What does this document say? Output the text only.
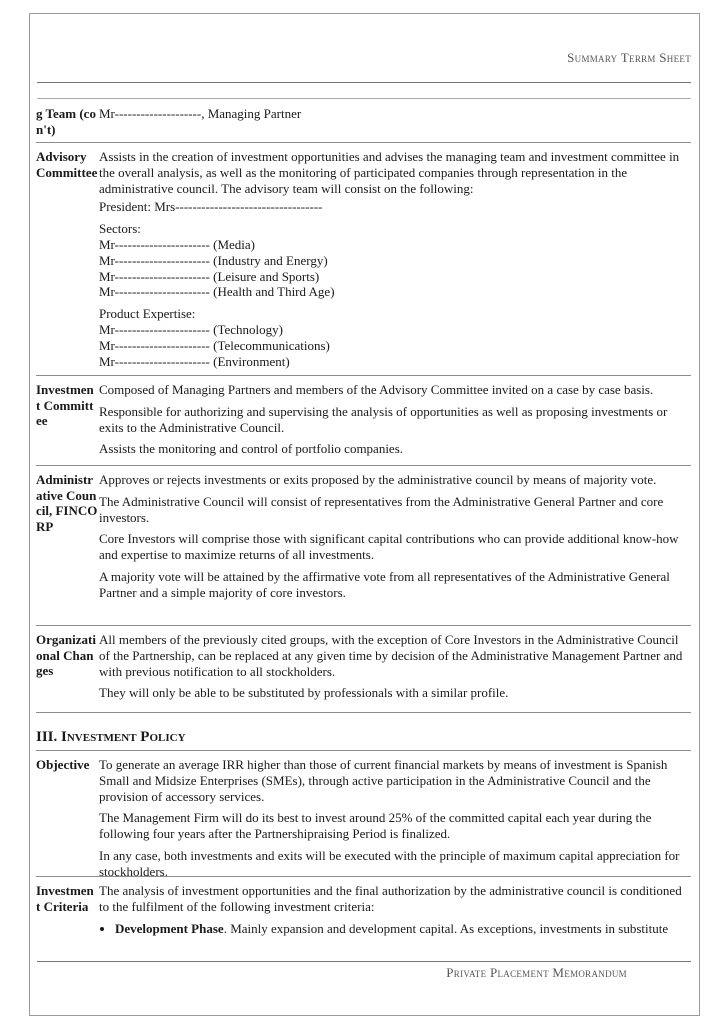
Summary Terrm Sheet
g Team (con't)

Mr--------------------, Managing Partner

Advisory Committee

Assists in the creation of investment opportunities and advises the managing team and investment committee in the overall analysis, as well as the monitoring of participated companies through representation in the administrative council. The advisory team will consist on the following:

President: Mrs----------------------------------

Sectors:
Mr---------------------- (Media)
Mr---------------------- (Industry and Energy)
Mr---------------------- (Leisure and Sports)
Mr---------------------- (Health and Third Age)
Product Expertise:
Mr---------------------- (Technology)
Mr---------------------- (Telecommunications)
Mr---------------------- (Environment)
Investment Committee

Composed of Managing Partners and members of the Advisory Committee invited on a case by case basis.

Responsible for authorizing and supervising the analysis of opportunities as well as proposing investments or exits to the Administrative Council.

Assists the monitoring and control of portfolio companies.

Administrative Council, FINCORP

Approves or rejects investments or exits proposed by the administrative council by means of majority vote.

The Administrative Council will consist of representatives from the Administrative General Partner and core investors.

Core Investors will comprise those with significant capital contributions who can provide additional know-how and expertise to maximize returns of all investments.

A majority vote will be attained by the affirmative vote from all representatives of the Administrative General Partner and a simple majority of core investors.

Organizational Changes

All members of the previously cited groups, with the exception of Core Investors in the Administrative Council of the Partnership, can be replaced at any given time by decision of the Administrative Management Partner and with previous notification to all stockholders.

They will only be able to be substituted by professionals with a similar profile.

III. Investment Policy
Objective To generate an average IRR higher than those of current financial markets by means of investment is Spanish Small and Midsize Enterprises (SMEs), through active participation in the Administrative Council and the provision of accessory services.

The Management Firm will do its best to invest around 25% of the committed capital each year during the following four years after the Partnershipraising Period is finalized.

In any case, both investments and exits will be executed with the principle of maximum capital appreciation for stockholders.

Investment Criteria

The analysis of investment opportunities and the final authorization by the administrative council is conditioned to the fulfilment of the following investment criteria:

• Development Phase. Mainly expansion and development capital. As exceptions, investments in substitute
Private Placement Memorandum
